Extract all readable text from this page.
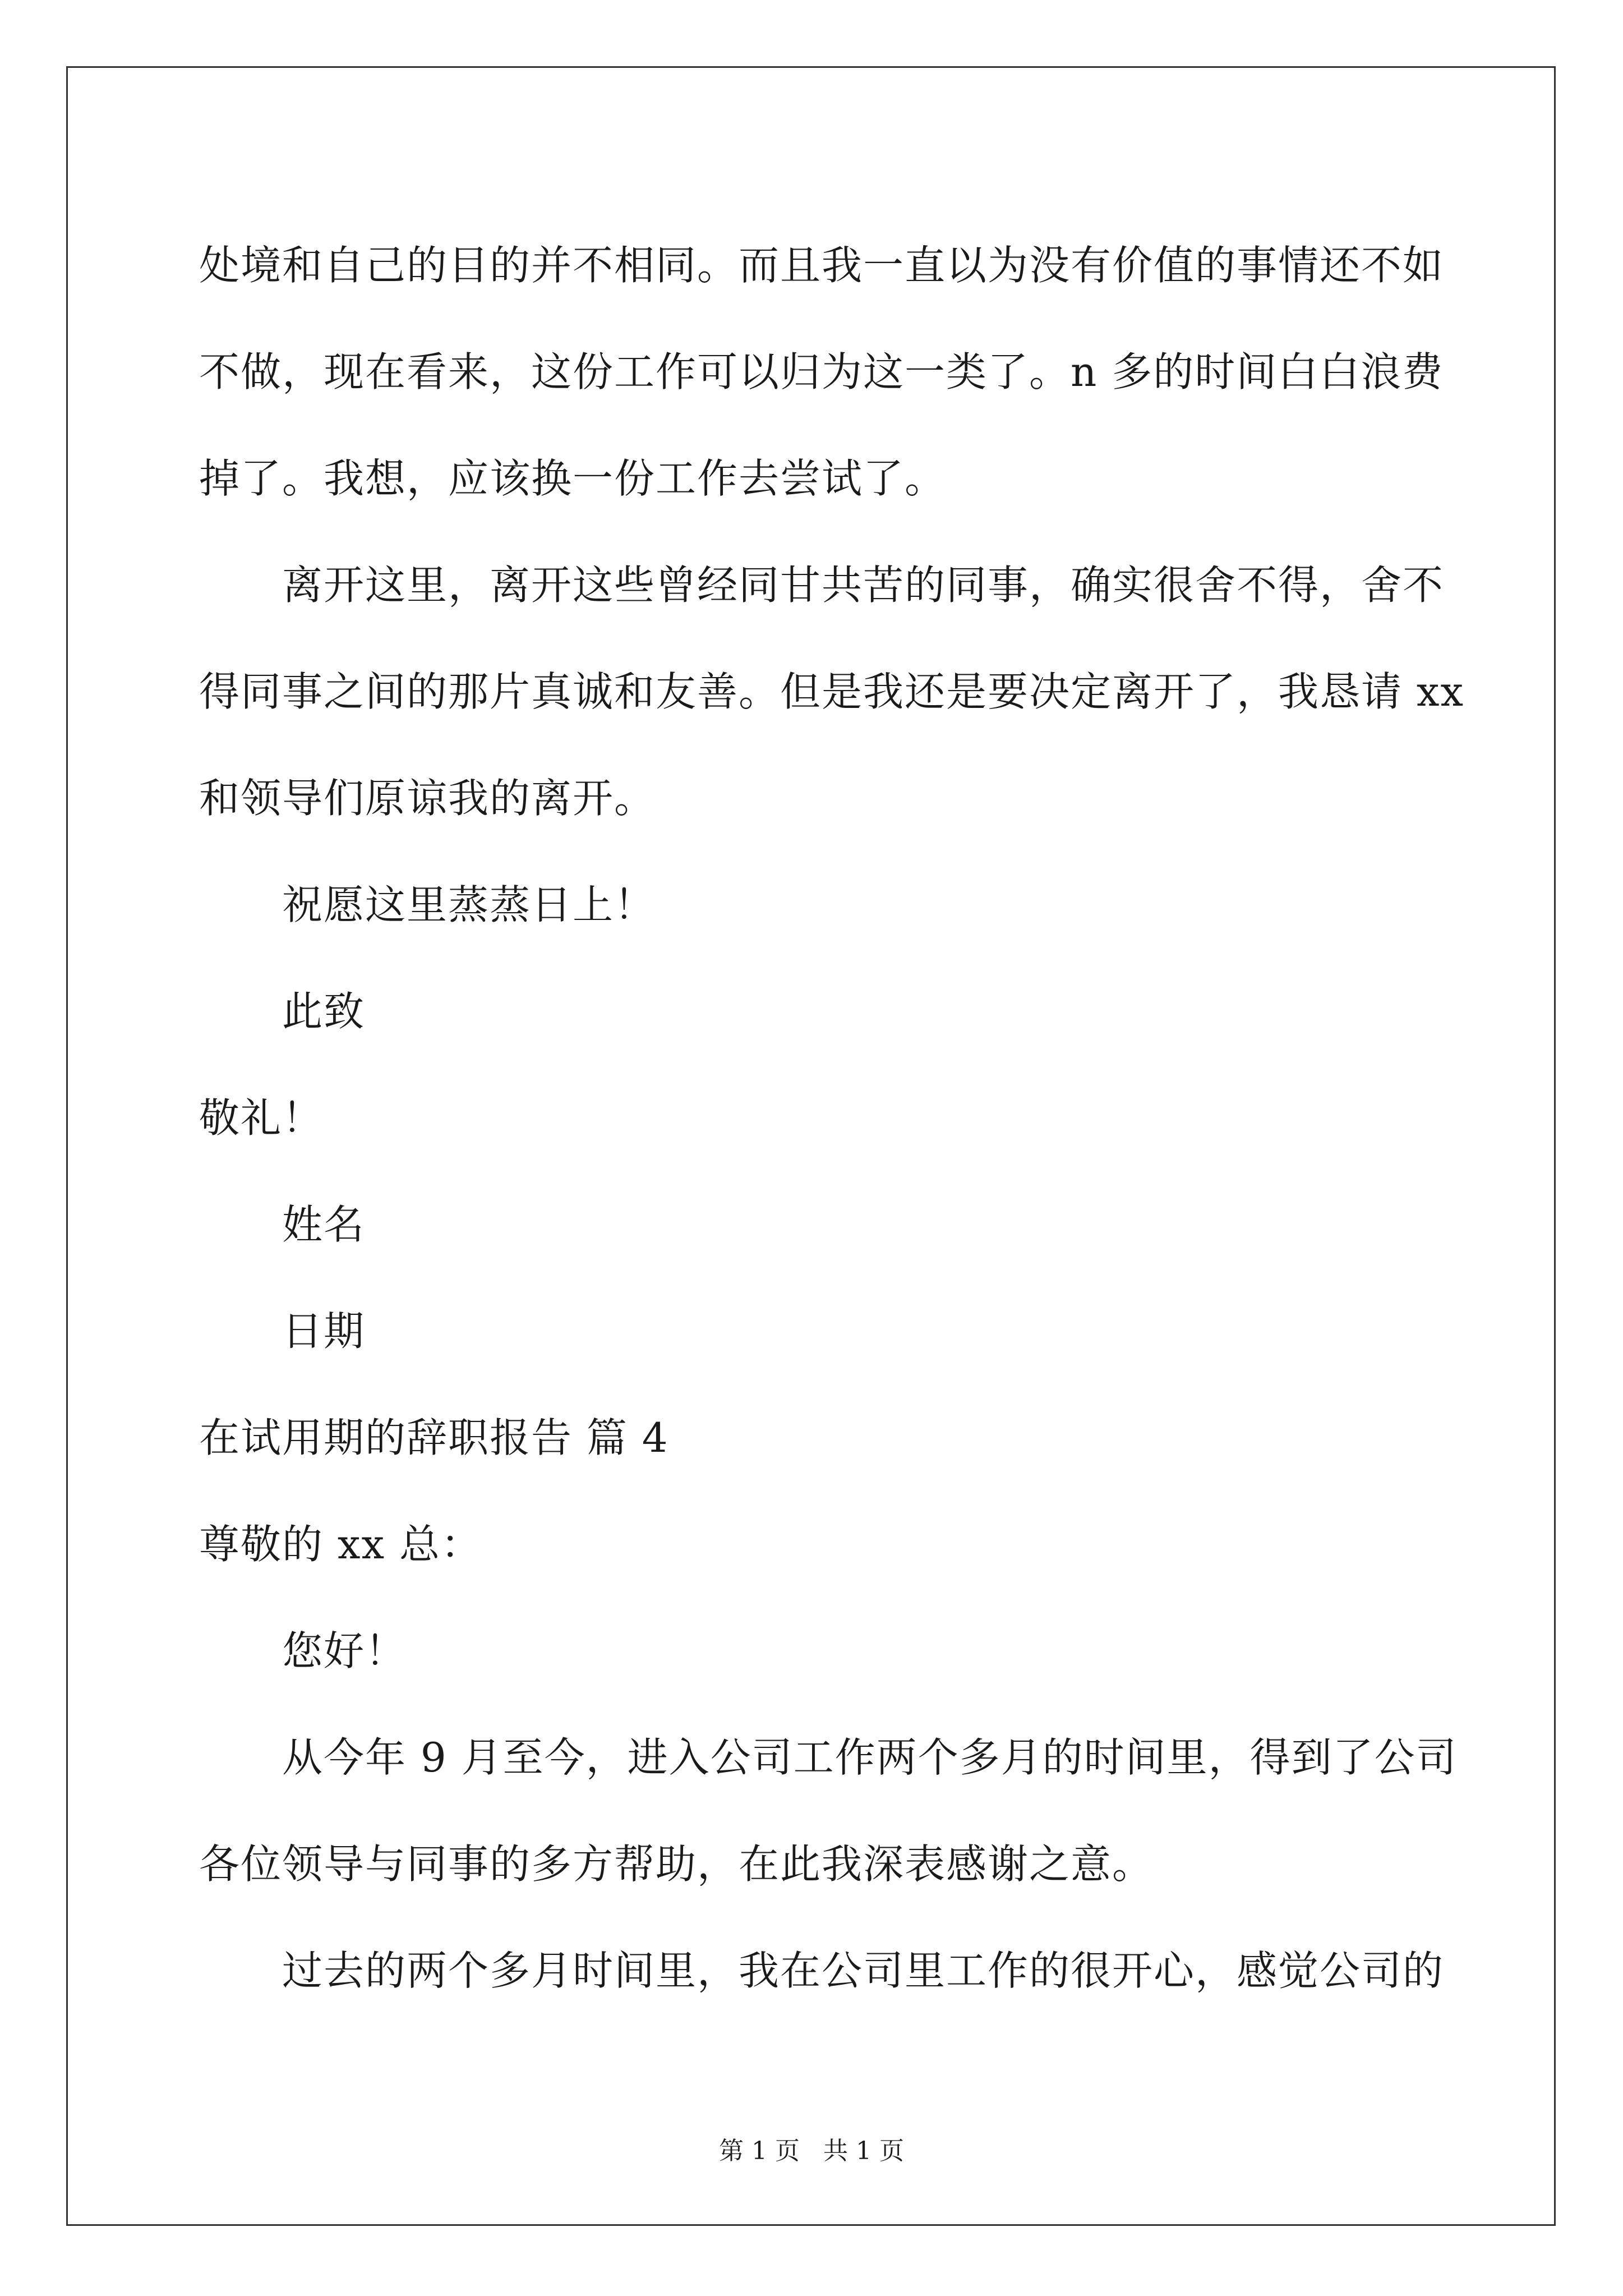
处境和自己的目的并不相同。而且我一直以为没有价值的事情还不如
不做，现在看来，这份工作可以归为这一类了。n 多的时间白白浪费
掉了。我想，应该换一份工作去尝试了。
离开这里，离开这些曾经同甘共苦的同事，确实很舍不得，舍不
得同事之间的那片真诚和友善。但是我还是要决定离开了，我恳请 xx
和领导们原谅我的离开。
祝愿这里蒸蒸日上！
此致
敬礼！
姓名
日期
在试用期的辞职报告 篇 4
尊敬的 xx 总：
您好！
从今年 9 月至今，进入公司工作两个多月的时间里，得到了公司
各位领导与同事的多方帮助，在此我深表感谢之意。
过去的两个多月时间里，我在公司里工作的很开心，感觉公司的
第 1 页 共 1 页
